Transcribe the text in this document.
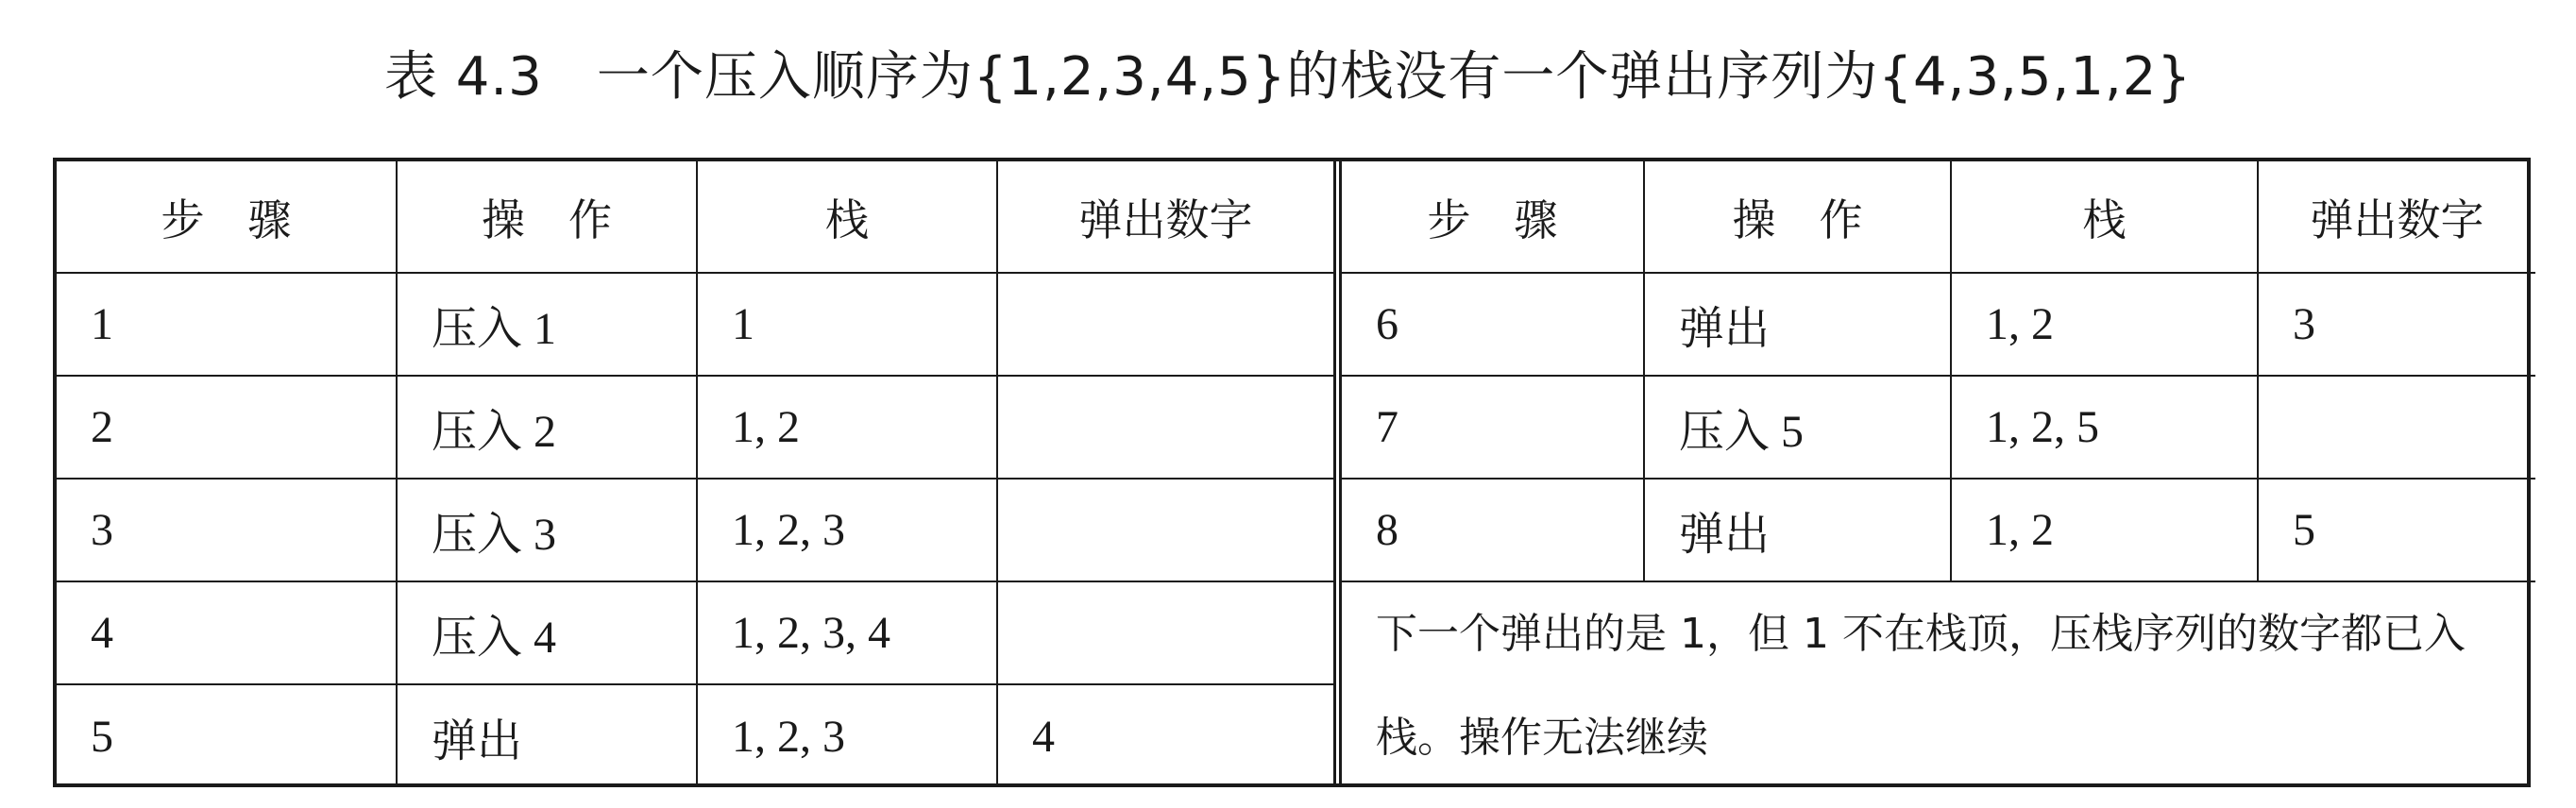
表 4.3　一个压入顺序为{1,2,3,4,5}的栈没有一个弹出序列为{4,3,5,1,2}
步　骤	操　作	栈	弹出数字
1	压入 1	1	
2	压入 2	1, 2	
3	压入 3	1, 2, 3	
4	压入 4	1, 2, 3, 4	
5	弹出	1, 2, 3	4
步　骤	操　作	栈	弹出数字
6	弹出	1, 2	3
7	压入 5	1, 2, 5	
8	弹出	1, 2	5
下一个弹出的是 1，但 1 不在栈顶，压栈序列的数字都已入栈。操作无法继续			
